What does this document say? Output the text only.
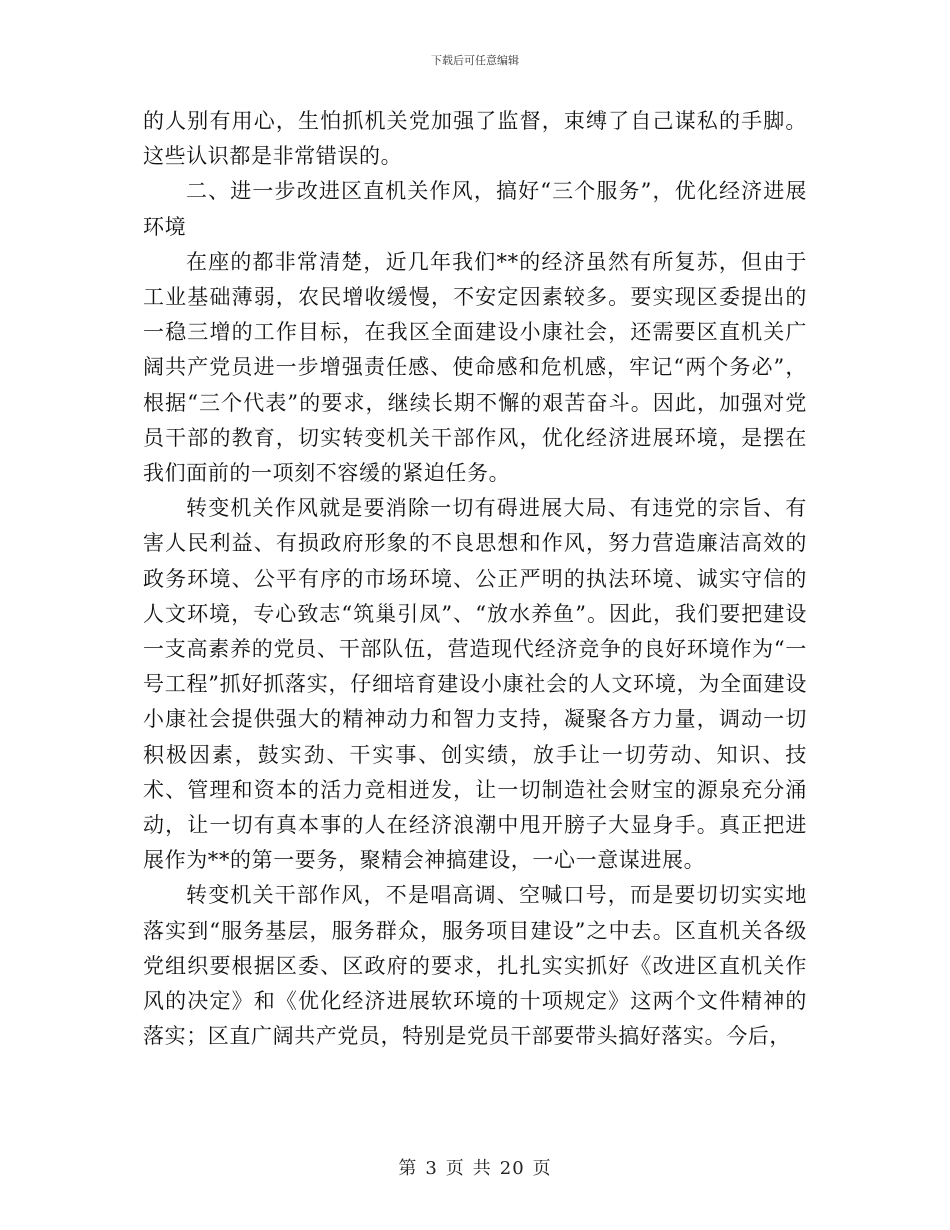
下载后可任意编辑

的人别有用心，生怕抓机关党加强了监督，束缚了自己谋私的手脚。这些认识都是非常错误的。

二、进一步改进区直机关作风，搞好“三个服务”，优化经济进展环境

在座的都非常清楚，近几年我们**的经济虽然有所复苏，但由于工业基础薄弱，农民增收缓慢，不安定因素较多。要实现区委提出的一稳三增的工作目标，在我区全面建设小康社会，还需要区直机关广阔共产党员进一步增强责任感、使命感和危机感，牢记“两个务必”，根据“三个代表”的要求，继续长期不懈的艰苦奋斗。因此，加强对党员干部的教育，切实转变机关干部作风，优化经济进展环境，是摆在我们面前的一项刻不容缓的紧迫任务。

转变机关作风就是要消除一切有碍进展大局、有违党的宗旨、有害人民利益、有损政府形象的不良思想和作风，努力营造廉洁高效的政务环境、公平有序的市场环境、公正严明的执法环境、诚实守信的人文环境，专心致志“筑巢引凤”、“放水养鱼”。因此，我们要把建设一支高素养的党员、干部队伍，营造现代经济竞争的良好环境作为“一号工程”抓好抓落实，仔细培育建设小康社会的人文环境，为全面建设小康社会提供强大的精神动力和智力支持，凝聚各方力量，调动一切积极因素，鼓实劲、干实事、创实绩，放手让一切劳动、知识、技术、管理和资本的活力竞相迸发，让一切制造社会财宝的源泉充分涌动，让一切有真本事的人在经济浪潮中甩开膀子大显身手。真正把进展作为**的第一要务，聚精会神搞建设，一心一意谋进展。

转变机关干部作风，不是唱高调、空喊口号，而是要切切实实地落实到“服务基层，服务群众，服务项目建设”之中去。区直机关各级党组织要根据区委、区政府的要求，扎扎实实抓好《改进区直机关作风的决定》和《优化经济进展软环境的十项规定》这两个文件精神的落实；区直广阔共产党员，特别是党员干部要带头搞好落实。今后，

第 3 页 共 20 页
